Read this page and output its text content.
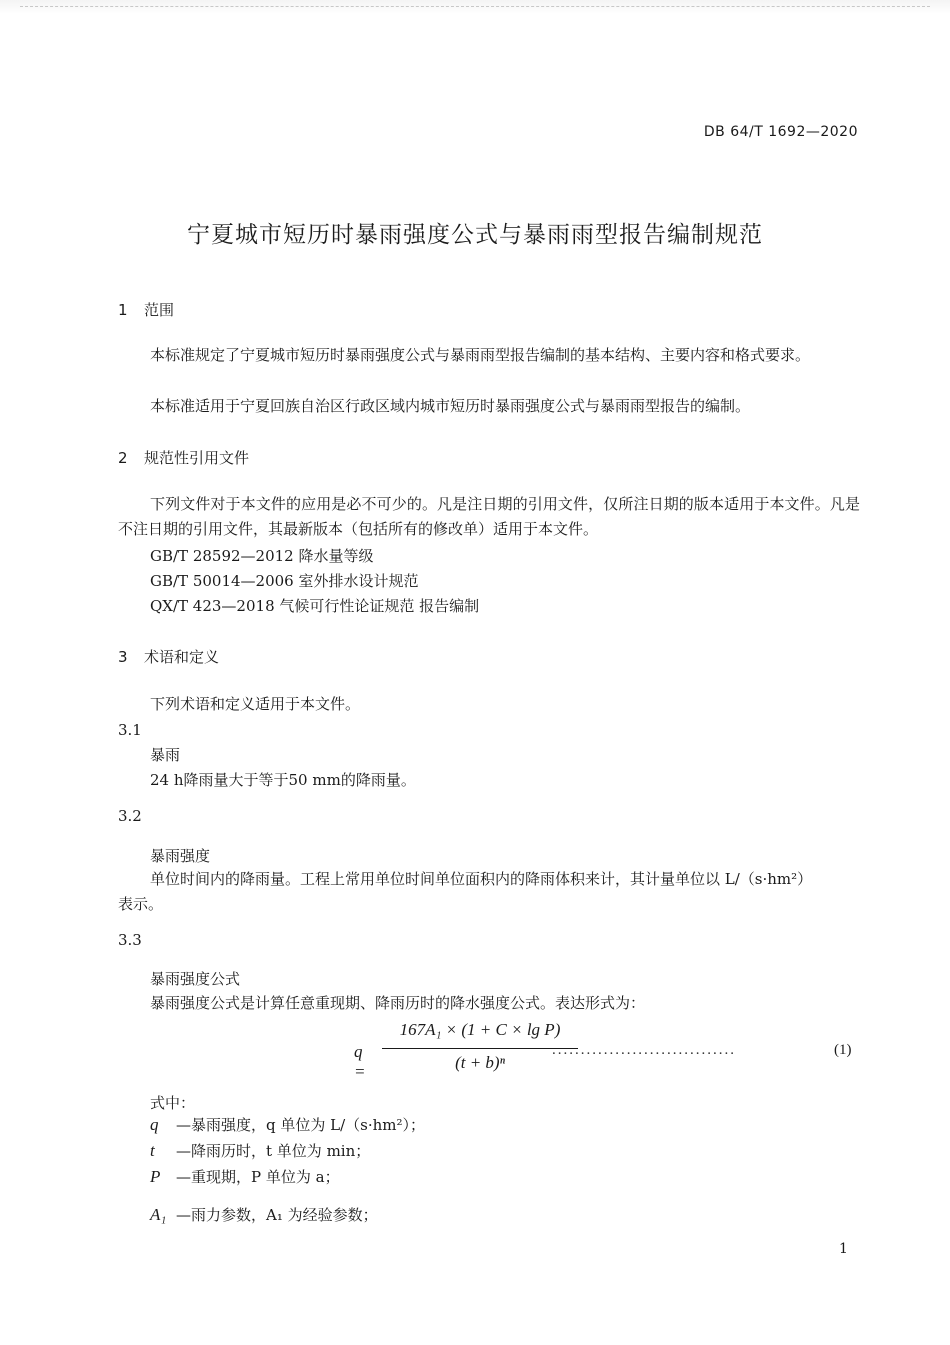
DB 64/T 1692—2020
宁夏城市短历时暴雨强度公式与暴雨雨型报告编制规范
1 范围
本标准规定了宁夏城市短历时暴雨强度公式与暴雨雨型报告编制的基本结构、主要内容和格式要求。
本标准适用于宁夏回族自治区行政区域内城市短历时暴雨强度公式与暴雨雨型报告的编制。
2 规范性引用文件
下列文件对于本文件的应用是必不可少的。凡是注日期的引用文件，仅所注日期的版本适用于本文件。凡是不注日期的引用文件，其最新版本（包括所有的修改单）适用于本文件。
GB/T 28592—2012 降水量等级
GB/T 50014—2006 室外排水设计规范
QX/T 423—2018 气候可行性论证规范 报告编制
3 术语和定义
下列术语和定义适用于本文件。
3.1
暴雨
24 h降雨量大于等于50 mm的降雨量。
3.2
暴雨强度
单位时间内的降雨量。工程上常用单位时间单位面积内的降雨体积来计，其计量单位以 L/（s·hm²）
表示。
3.3
暴雨强度公式
暴雨强度公式是计算任意重现期、降雨历时的降水强度公式。表达形式为：
q =
167A₁ × (1 + C × lg P)
(t + b)ⁿ
................................	(1)
式中：
q —暴雨强度，q 单位为 L/（s·hm²）；
t —降雨历时，t 单位为 min；
P —重现期，P 单位为 a；
A₁ —雨力参数，A₁ 为经验参数；
1
